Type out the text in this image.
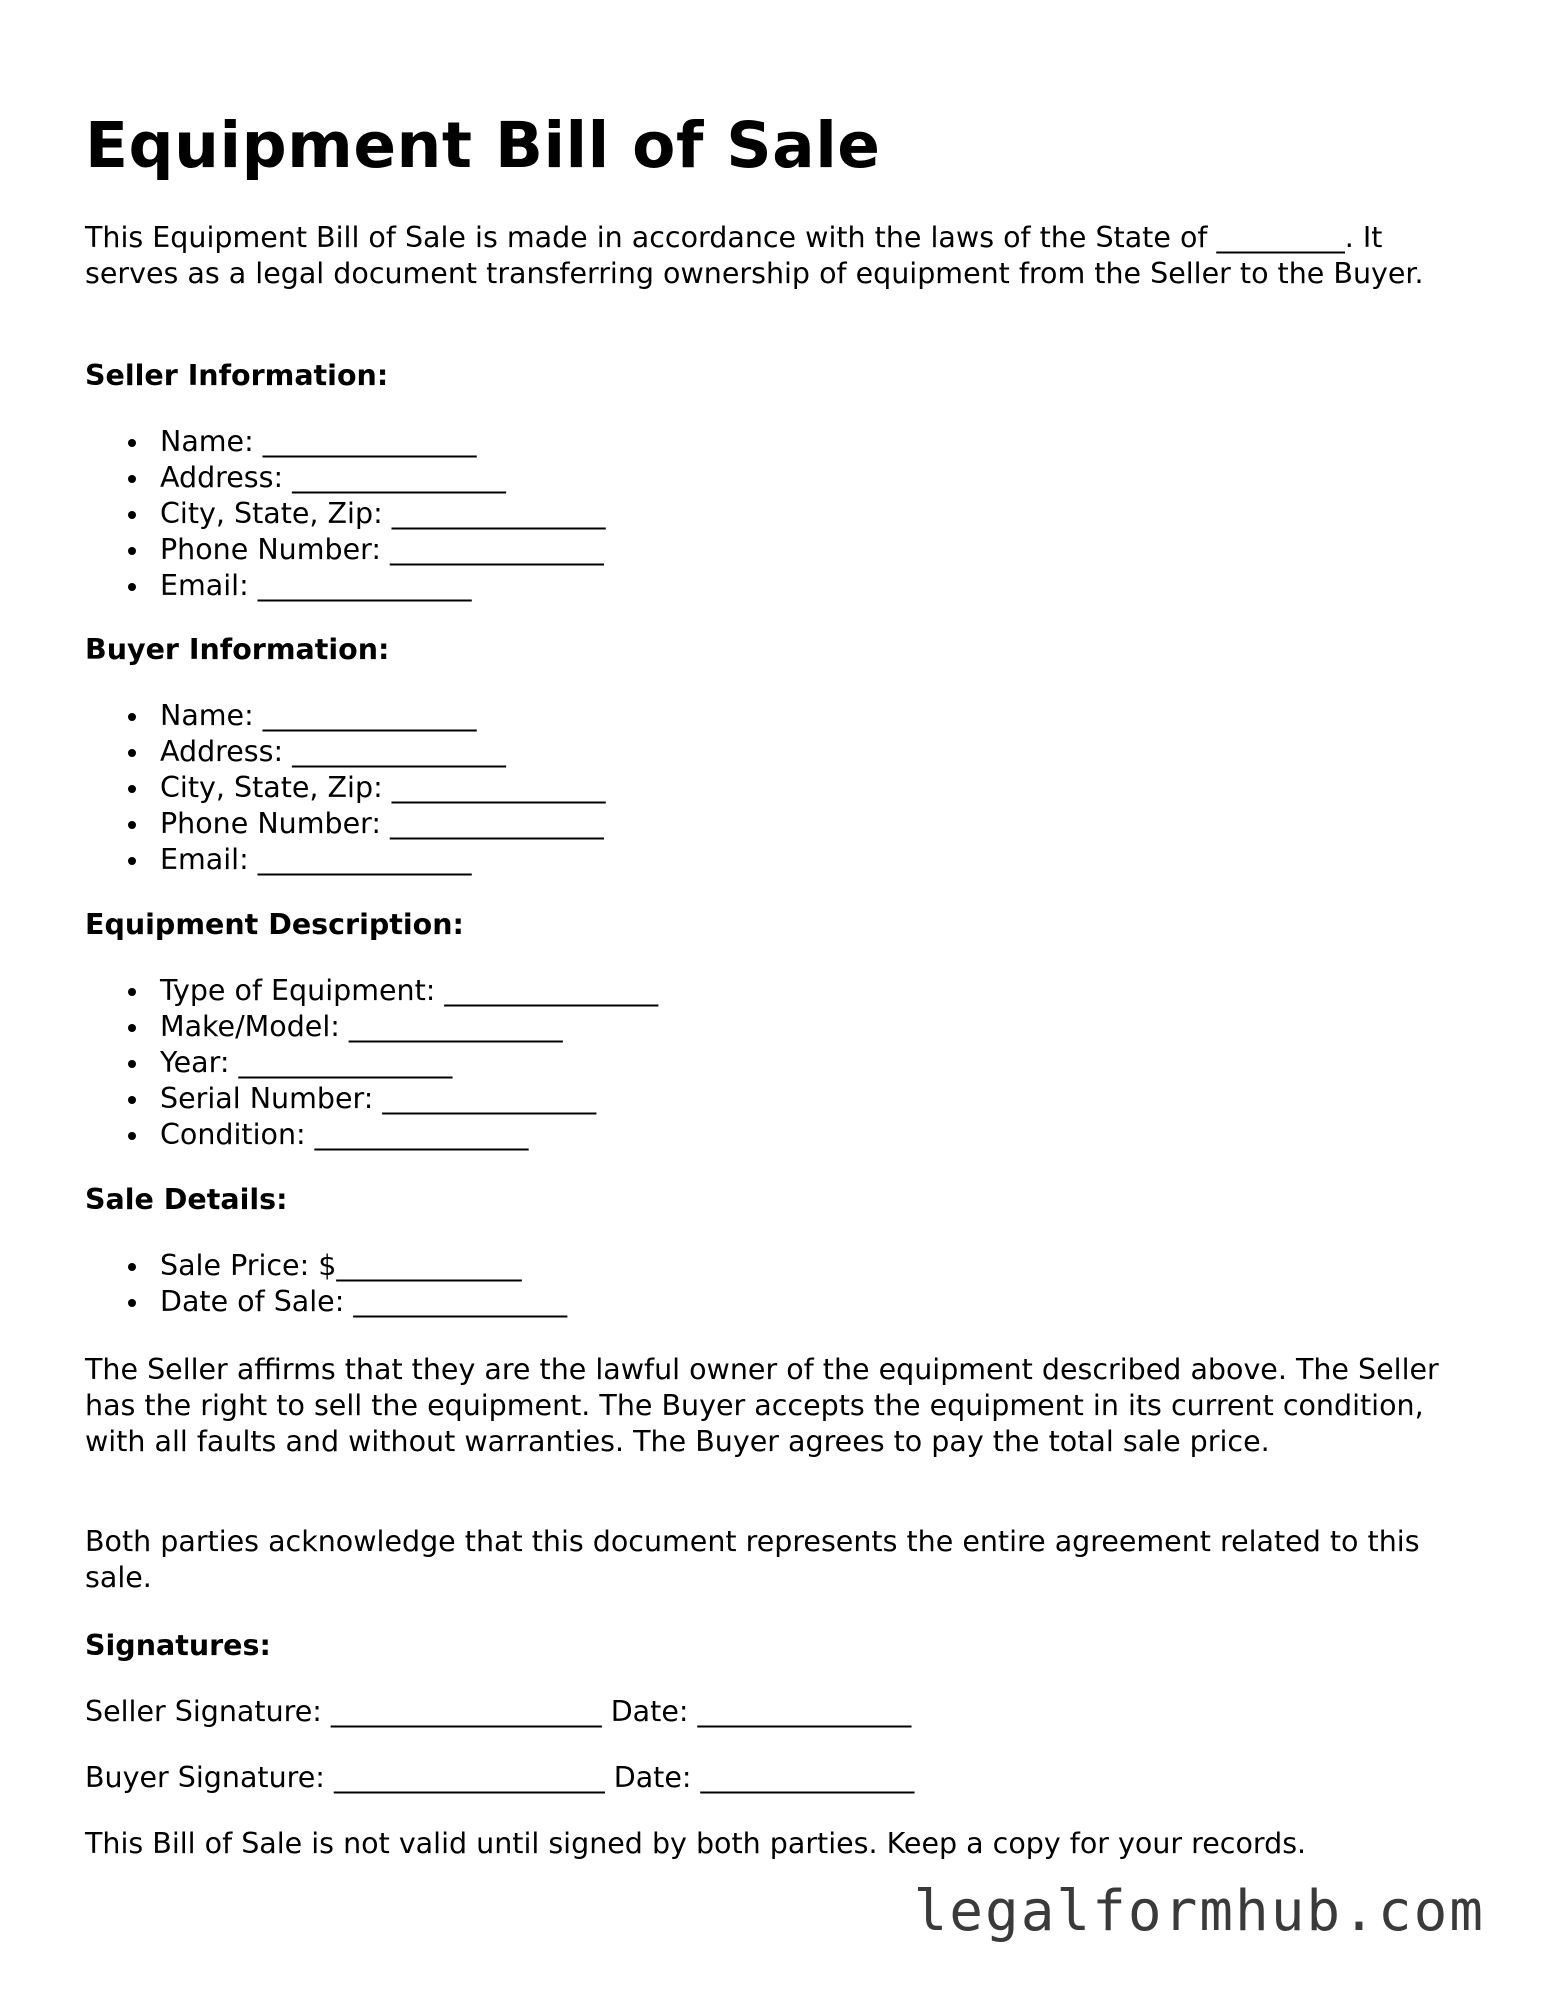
Equipment Bill of Sale

This Equipment Bill of Sale is made in accordance with the laws of the State of _________. It serves as a legal document transferring ownership of equipment from the Seller to the Buyer.

Seller Information:

Name: _______________
Address: _______________
City, State, Zip: _______________
Phone Number: _______________
Email: _______________

Buyer Information:

Name: _______________
Address: _______________
City, State, Zip: _______________
Phone Number: _______________
Email: _______________

Equipment Description:

Type of Equipment: _______________
Make/Model: _______________
Year: _______________
Serial Number: _______________
Condition: _______________

Sale Details:

Sale Price: $_____________
Date of Sale: _______________

The Seller affirms that they are the lawful owner of the equipment described above. The Seller has the right to sell the equipment. The Buyer accepts the equipment in its current condition, with all faults and without warranties. The Buyer agrees to pay the total sale price.

Both parties acknowledge that this document represents the entire agreement related to this sale.

Signatures:

Seller Signature: ___________________ Date: _______________

Buyer Signature: ___________________ Date: _______________

This Bill of Sale is not valid until signed by both parties. Keep a copy for your records.

legalformhub.com
